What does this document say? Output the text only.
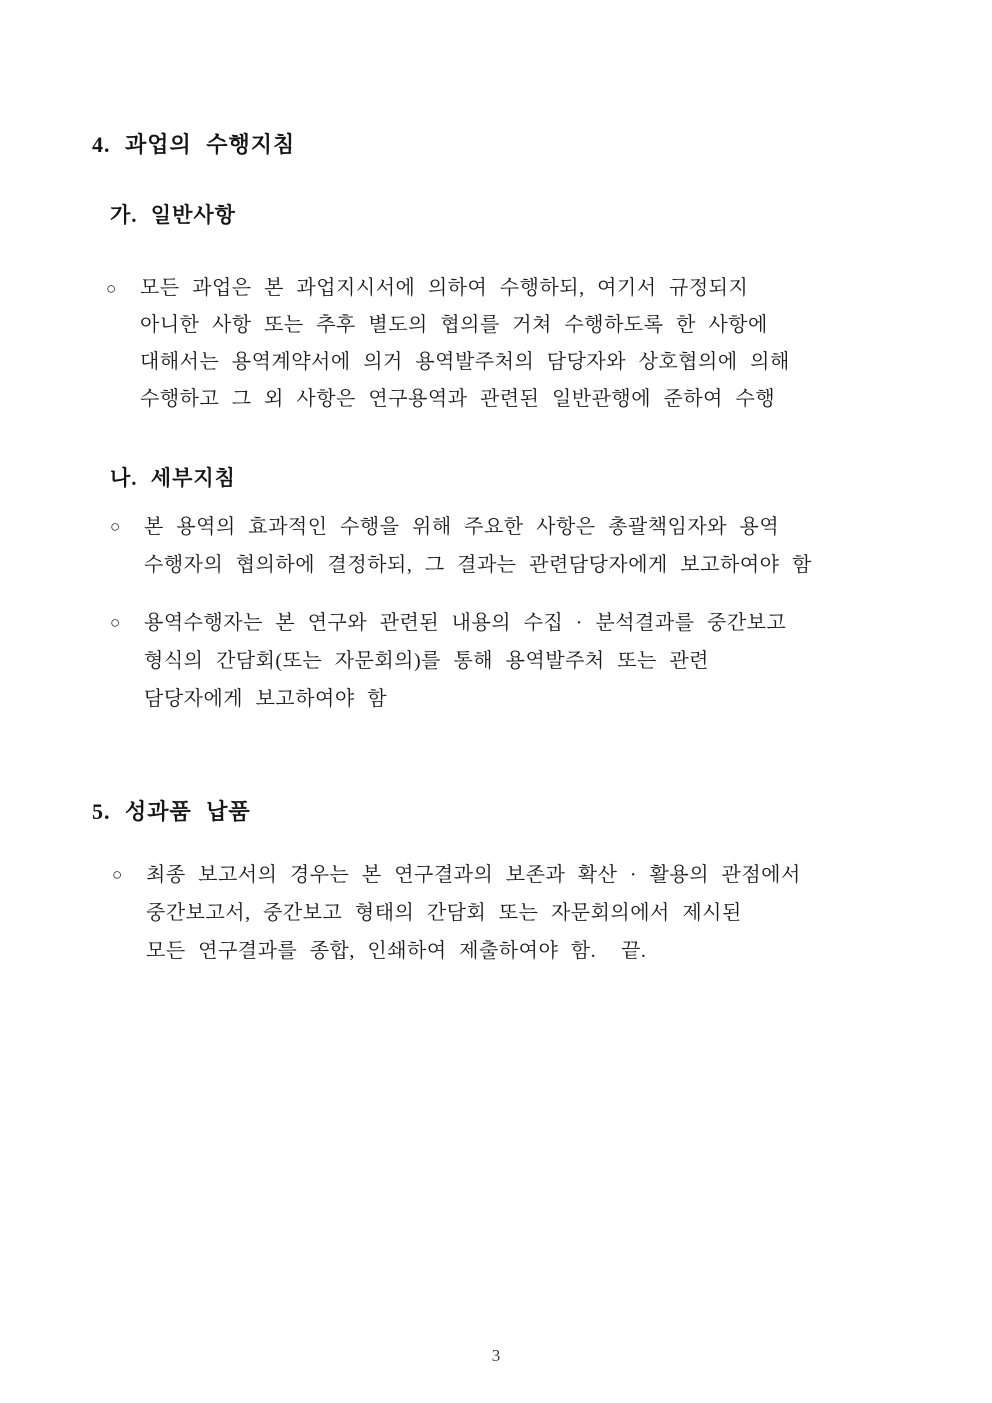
4. 과업의 수행지침
가. 일반사항
○	모든 과업은 본 과업지시서에 의하여 수행하되, 여기서 규정되지
아니한 사항 또는 추후 별도의 협의를 거쳐 수행하도록 한 사항에
대해서는 용역계약서에 의거 용역발주처의 담당자와 상호협의에 의해
수행하고 그 외 사항은 연구용역과 관련된 일반관행에 준하여 수행
나. 세부지침
○	본 용역의 효과적인 수행을 위해 주요한 사항은 총괄책임자와 용역
수행자의 협의하에 결정하되, 그 결과는 관련담당자에게 보고하여야 함
○	용역수행자는 본 연구와 관련된 내용의 수집 · 분석결과를 중간보고
형식의 간담회(또는 자문회의)를 통해 용역발주처 또는 관련
담당자에게 보고하여야 함
5. 성과품 납품
○	최종 보고서의 경우는 본 연구결과의 보존과 확산 · 활용의 관점에서
중간보고서, 중간보고 형태의 간담회 또는 자문회의에서 제시된
모든 연구결과를 종합, 인쇄하여 제출하여야 함.  끝.
3
